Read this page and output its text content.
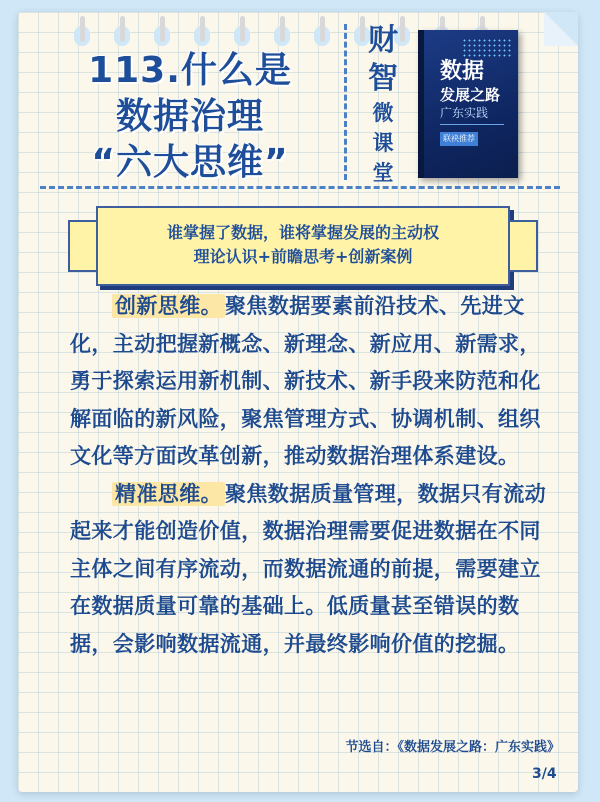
113.什么是
数据治理
“六大思维”
财
智
微
课
堂
数据
发展之路
广东实践
联袂推荐
谁掌握了数据，谁将掌握发展的主动权
理论认识+前瞻思考+创新案例

创新思维。 聚焦数据要素前沿技术、先进文化，主动把握新概念、新理念、新应用、新需求，勇于探索运用新机制、新技术、新手段来防范和化解面临的新风险，聚焦管理方式、协调机制、组织文化等方面改革创新，推动数据治理体系建设。

精准思维。 聚焦数据质量管理，数据只有流动起来才能创造价值，数据治理需要促进数据在不同主体之间有序流动，而数据流通的前提，需要建立在数据质量可靠的基础上。低质量甚至错误的数据，会影响数据流通，并最终影响价值的挖掘。

节选自：《数据发展之路：广东实践》
3/4
